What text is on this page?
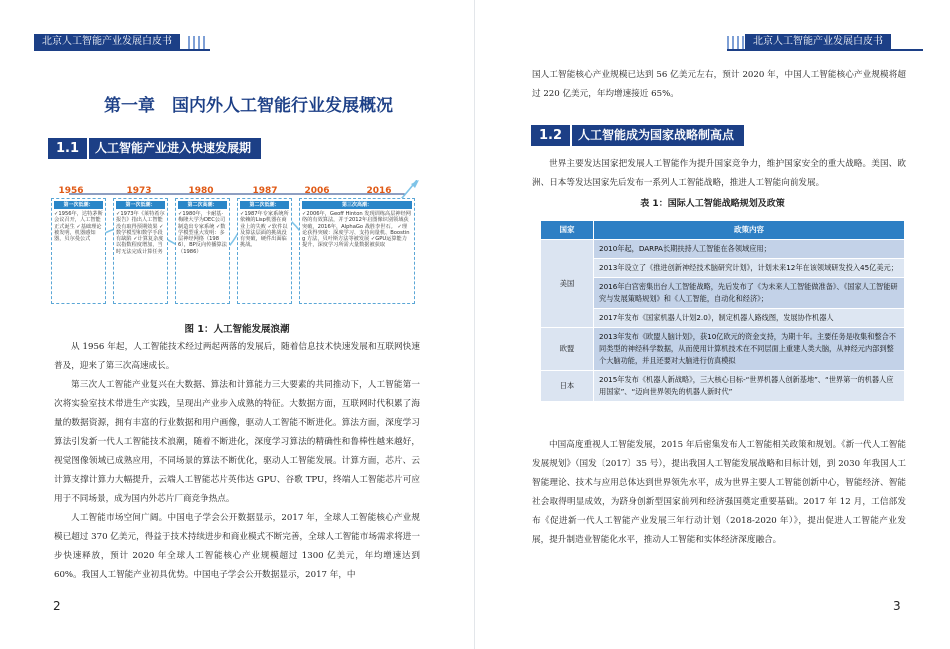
北京人工智能产业发展白皮书
第一章　国内外人工智能行业发展概况
1.1	人工智能产业进入快速发展期
1956	1973	1980	1987	2006	2016
第一次低潮：
✓1956年，达特茅斯会议召开，人工智能正式诞生 ✓基础理论被发明，机器感知器，贝尔曼公式
第一次低潮：
✓1973年《莱特希尔报告》指出人工智能没有取得预期效果 ✓数学模型和数学手段有缺陷 ✓计算复杂度以指数程度增加，当时无法完成计算任务
第二次高潮：
✓1980年，卡耐基·梅隆大学为DEC公司制造出专家系统 ✓数学模型重大发明：多层神经网络（1986），BP反向传播算法（1986）
第二次低潮：
✓1987年专家系统所依赖的Lisp机器在商业上的失败 ✓软件以及算法层面的挑战没有突破，硬件出面临挑战。
第三次高潮：
✓2006年，Geoff Hinton 发现训练高层神经网络的有效算法，并于2012年启图像识别领域获突破，2016年，AlphaGo 战胜李世石。 ✓理论获得突破：深度学习、支持向量机、Boosting 方法，贝叶斯方法等被发展 ✓GPU运算能力提升，深度学习所需大量数据被获取
图 1：人工智能发展浪潮

从 1956 年起，人工智能技术经过两起两落的发展后，随着信息技术快速发展和互联网快速普及，迎来了第三次高速成长。

第三次人工智能产业复兴在大数据、算法和计算能力三大要素的共同推动下，人工智能第一次将实验室技术带进生产实践，呈现出产业步入成熟的特征。大数据方面，互联网时代积累了海量的数据资源，拥有丰富的行业数据和用户画像，驱动人工智能不断进化。算法方面，深度学习算法引发新一代人工智能技术浪潮，随着不断进化，深度学习算法的精确性和鲁棒性越来越好，视觉图像领域已成熟应用，不同场景的算法不断优化，驱动人工智能发展。计算方面，芯片、云计算支撑计算力大幅提升，云端人工智能芯片英伟达 GPU、谷歌 TPU，终端人工智能芯片可应用于不同场景，成为国内外芯片厂商竞争热点。

人工智能市场空间广阔。中国电子学会公开数据显示，2017 年，全球人工智能核心产业规模已超过 370 亿美元，得益于技术持续进步和商业模式不断完善，全球人工智能市场需求将进一步快速释放，预计 2020 年全球人工智能核心产业规模超过 1300 亿美元，年均增速达到 60%。我国人工智能产业初具优势。中国电子学会公开数据显示，2017 年，中

2
北京人工智能产业发展白皮书

国人工智能核心产业规模已达到 56 亿美元左右，预计 2020 年，中国人工智能核心产业规模将超过 220 亿美元，年均增速接近 65%。

1.2	人工智能成为国家战略制高点

世界主要发达国家把发展人工智能作为提升国家竞争力，维护国家安全的重大战略。美国、欧洲、日本等发达国家先后发布一系列人工智能战略，推进人工智能向前发展。

表 1：国际人工智能战略规划及政策
国家	政策内容
美国	2010年起，DARPA长期扶持人工智能在各领域应用；
	2013年设立了《推进创新神经技术脑研究计划》，计划未来12年在该领域研发投入45亿美元；
	2016年白宫密集出台人工智能战略，先后发布了《为未来人工智能做准备》、《国家人工智能研究与发展策略规划》和《人工智能，自动化和经济》；
	2017年发布《国家机器人计划2.0》，制定机器人路线图，发展协作机器人
欧盟	2013年发布《欧盟人脑计划》，获10亿欧元的资金支持，为期十年。主要任务是收集和整合不同类型的神经科学数据，从而使用计算机技术在不同层面上重建人类大脑，从神经元内部到整个大脑功能，并且还要对大脑进行仿真模拟
日本	2015年发布《机器人新战略》，三大核心目标-“世界机器人创新基地”、“世界第一的机器人应用国家”、“迈向世界领先的机器人新时代”

中国高度重视人工智能发展，2015 年后密集发布人工智能相关政策和规划。《新一代人工智能发展规划》（国发〔2017〕35 号），提出我国人工智能发展战略和目标计划，到 2030 年我国人工智能理论、技术与应用总体达到世界领先水平，成为世界主要人工智能创新中心，智能经济、智能社会取得明显成效，为跻身创新型国家前列和经济强国奠定重要基础。2017 年 12 月，工信部发布《促进新一代人工智能产业发展三年行动计划（2018-2020 年）》，提出促进人工智能产业发展，提升制造业智能化水平，推动人工智能和实体经济深度融合。

3
